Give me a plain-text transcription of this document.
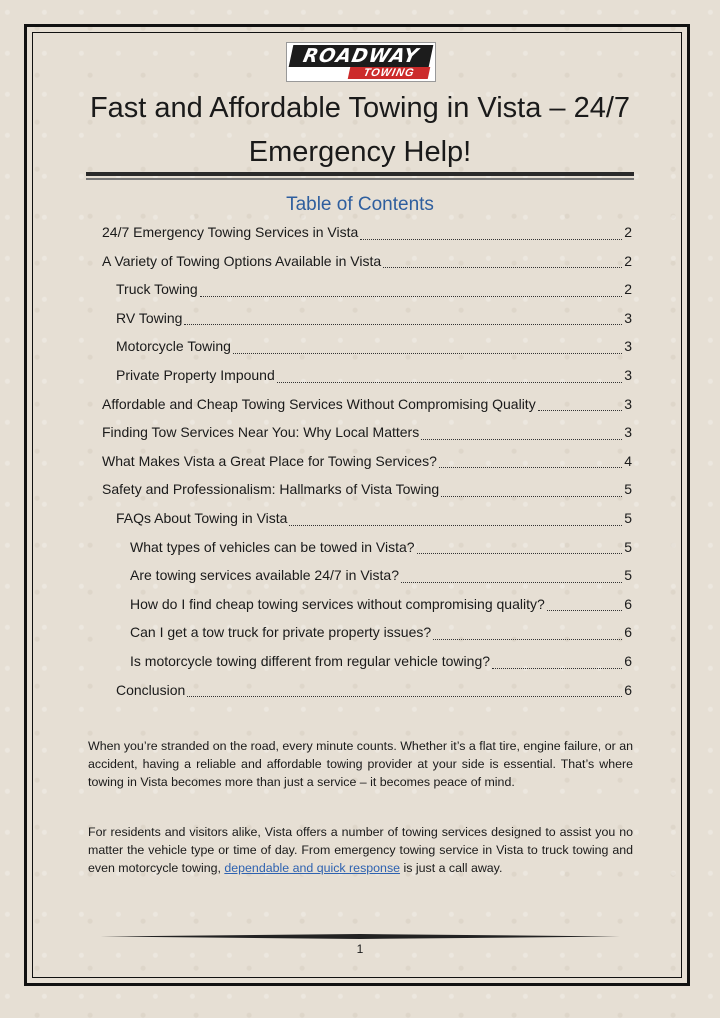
ROADWAY
TOWING
Fast and Affordable Towing in Vista – 24/7 Emergency Help!
Table of Contents
24/7 Emergency Towing Services in Vista	2
A Variety of Towing Options Available in Vista	2
Truck Towing	2
RV Towing	3
Motorcycle Towing	3
Private Property Impound	3
Affordable and Cheap Towing Services Without Compromising Quality	3
Finding Tow Services Near You: Why Local Matters	3
What Makes Vista a Great Place for Towing Services?	4
Safety and Professionalism: Hallmarks of Vista Towing	5
FAQs About Towing in Vista	5
What types of vehicles can be towed in Vista?	5
Are towing services available 24/7 in Vista?	5
How do I find cheap towing services without compromising quality?	6
Can I get a tow truck for private property issues?	6
Is motorcycle towing different from regular vehicle towing?	6
Conclusion	6
When you’re stranded on the road, every minute counts. Whether it’s a flat tire, engine failure, or an accident, having a reliable and affordable towing provider at your side is essential. That’s where towing in Vista becomes more than just a service – it becomes peace of mind.
For residents and visitors alike, Vista offers a number of towing services designed to assist you no matter the vehicle type or time of day. From emergency towing service in Vista to truck towing and even motorcycle towing, dependable and quick response is just a call away.
1
